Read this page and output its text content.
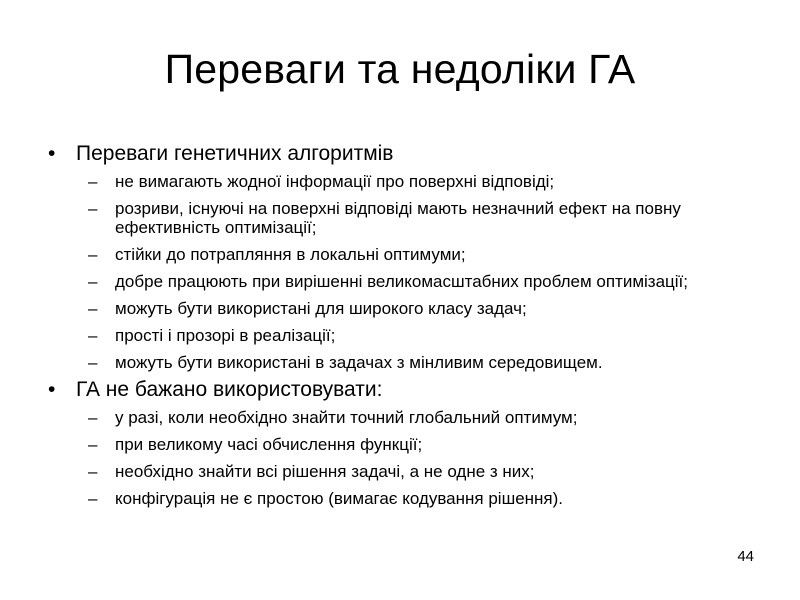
Переваги та недоліки ГА
• Переваги генетичних алгоритмів
– не вимагають жодної інформації про поверхні відповіді;
– розриви, існуючі на поверхні відповіді мають незначний ефект на повну ефективність оптимізації;
– стійки до потрапляння в локальні оптимуми;
– добре працюють при вирішенні великомасштабних проблем оптимізації;
– можуть бути використані для широкого класу задач;
– прості і прозорі в реалізації;
– можуть бути використані в задачах з мінливим середовищем.
• ГА не бажано використовувати:
– у разі, коли необхідно знайти точний глобальний оптимум;
– при великому часі обчислення функції;
– необхідно знайти всі рішення задачі, а не одне з них;
– конфігурація не є простою (вимагає кодування рішення).
44
